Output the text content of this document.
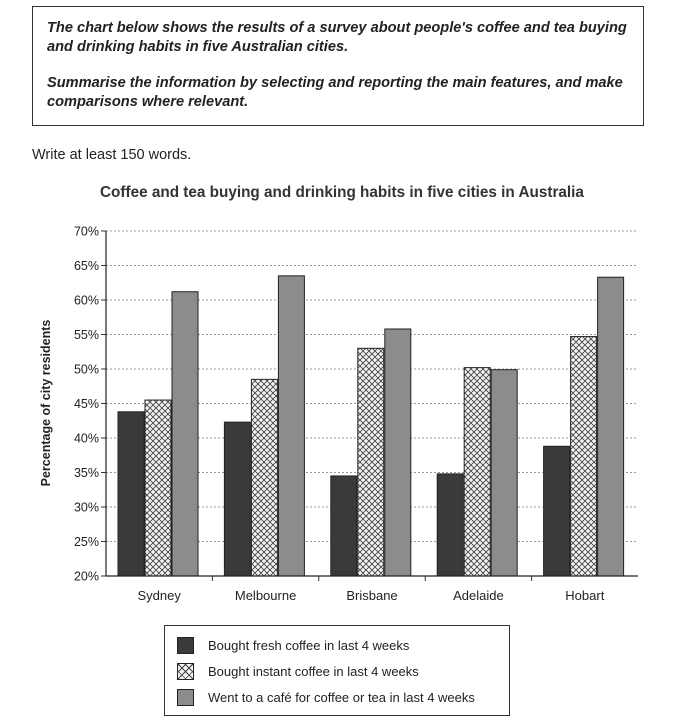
The chart below shows the results of a survey about people's coffee and tea buying and drinking habits in five Australian cities.

Summarise the information by selecting and reporting the main features, and make comparisons where relevant.

Write at least 150 words.
Coffee and tea buying and drinking habits in five cities in Australia
20%
25%
30%
35%
40%
45%
50%
55%
60%
65%
70%
Sydney	Melbourne	Brisbane	Adelaide	Hobart
Percentage of city residents
Bought fresh coffee in last 4 weeks
Bought instant coffee in last 4 weeks
Went to a café for coffee or tea in last 4 weeks
